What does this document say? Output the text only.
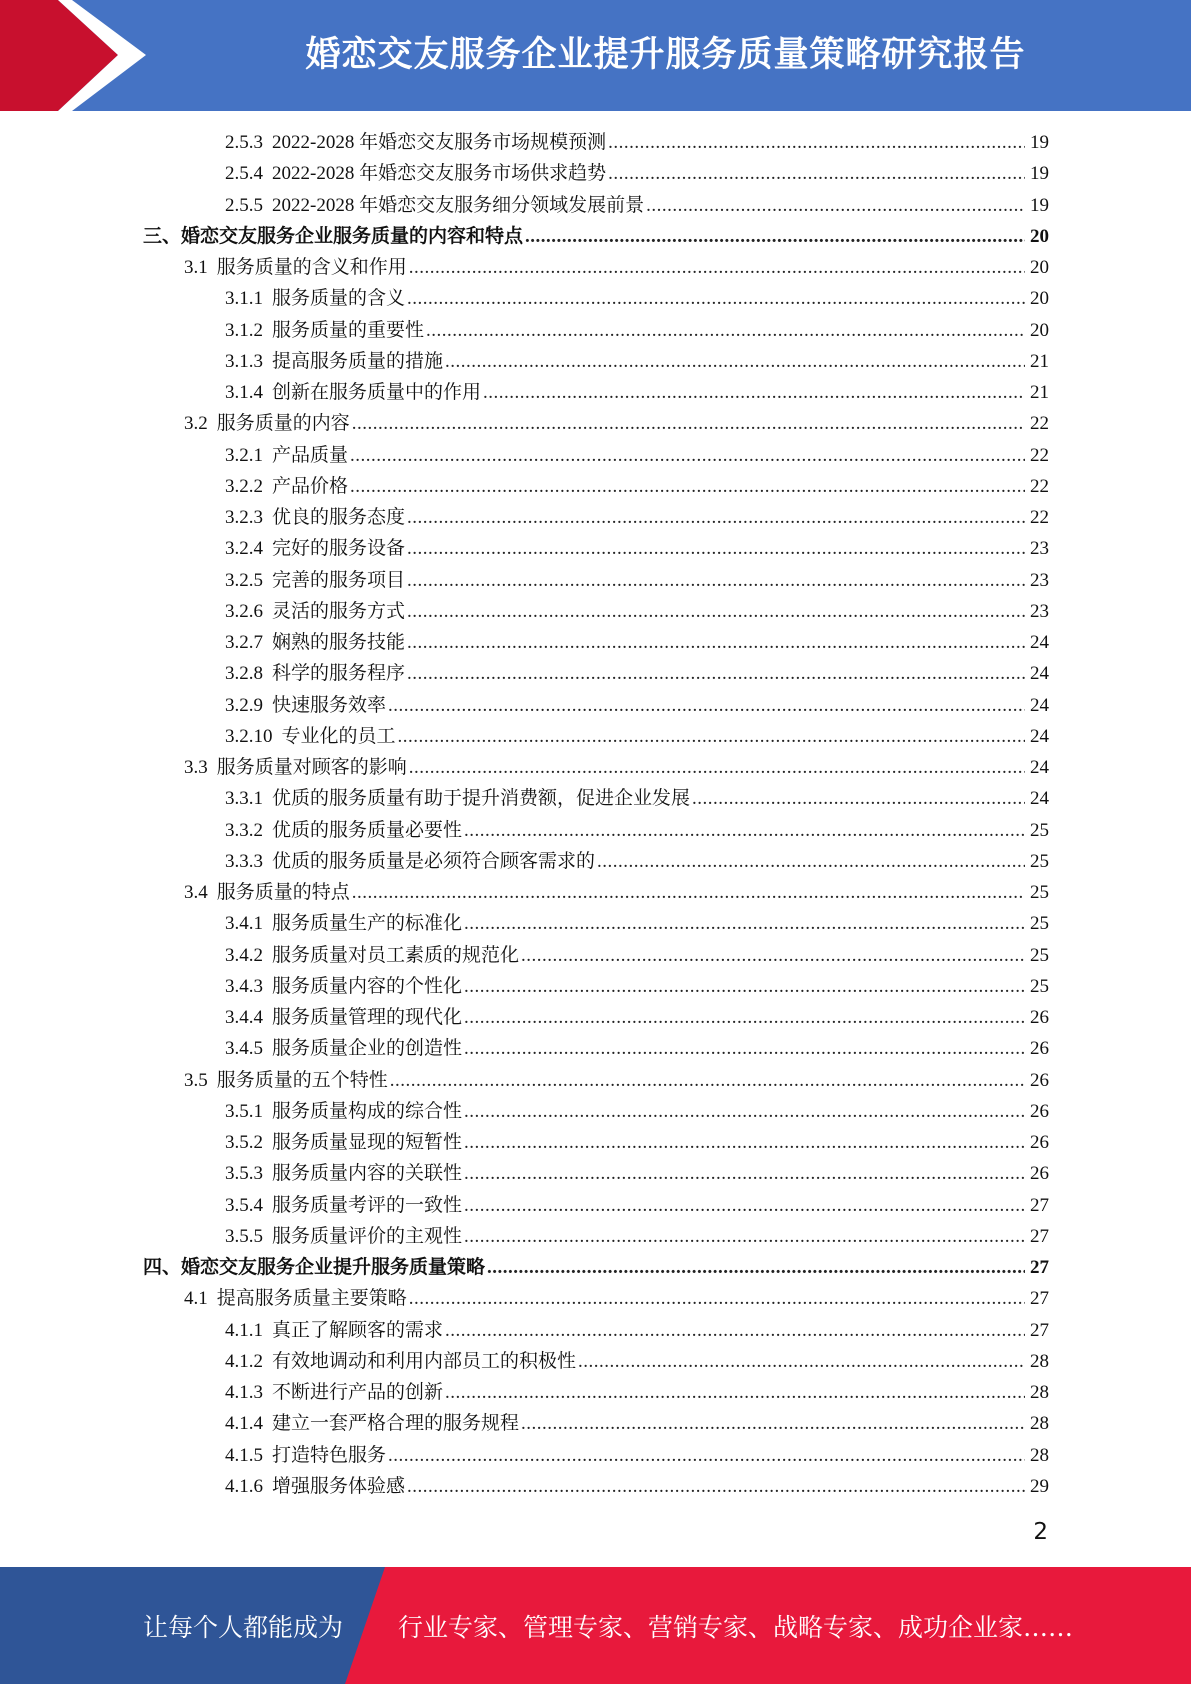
婚恋交友服务企业提升服务质量策略研究报告
2.5.3 2022-2028 年婚恋交友服务市场规模预测 .....	19
2.5.4 2022-2028 年婚恋交友服务市场供求趋势 .....	19
2.5.5 2022-2028 年婚恋交友服务细分领域发展前景 .....	19
三、婚恋交友服务企业服务质量的内容和特点 .....	20
3.1 服务质量的含义和作用 .....	20
3.1.1 服务质量的含义 .....	20
3.1.2 服务质量的重要性 .....	20
3.1.3 提高服务质量的措施 .....	21
3.1.4 创新在服务质量中的作用 .....	21
3.2 服务质量的内容 .....	22
3.2.1 产品质量 .....	22
3.2.2 产品价格 .....	22
3.2.3 优良的服务态度 .....	22
3.2.4 完好的服务设备 .....	23
3.2.5 完善的服务项目 .....	23
3.2.6 灵活的服务方式 .....	23
3.2.7 娴熟的服务技能 .....	24
3.2.8 科学的服务程序 .....	24
3.2.9 快速服务效率 .....	24
3.2.10 专业化的员工 .....	24
3.3 服务质量对顾客的影响 .....	24
3.3.1 优质的服务质量有助于提升消费额，促进企业发展 .....	24
3.3.2 优质的服务质量必要性 .....	25
3.3.3 优质的服务质量是必须符合顾客需求的 .....	25
3.4 服务质量的特点 .....	25
3.4.1 服务质量生产的标准化 .....	25
3.4.2 服务质量对员工素质的规范化 .....	25
3.4.3 服务质量内容的个性化 .....	25
3.4.4 服务质量管理的现代化 .....	26
3.4.5 服务质量企业的创造性 .....	26
3.5 服务质量的五个特性 .....	26
3.5.1 服务质量构成的综合性 .....	26
3.5.2 服务质量显现的短暂性 .....	26
3.5.3 服务质量内容的关联性 .....	26
3.5.4 服务质量考评的一致性 .....	27
3.5.5 服务质量评价的主观性 .....	27
四、婚恋交友服务企业提升服务质量策略 .....	27
4.1 提高服务质量主要策略 .....	27
4.1.1 真正了解顾客的需求 .....	27
4.1.2 有效地调动和利用内部员工的积极性 .....	28
4.1.3 不断进行产品的创新 .....	28
4.1.4 建立一套严格合理的服务规程 .....	28
4.1.5 打造特色服务 .....	28
4.1.6 增强服务体验感 .....	29
2
让每个人都能成为 行业专家、管理专家、营销专家、战略专家、成功企业家……
